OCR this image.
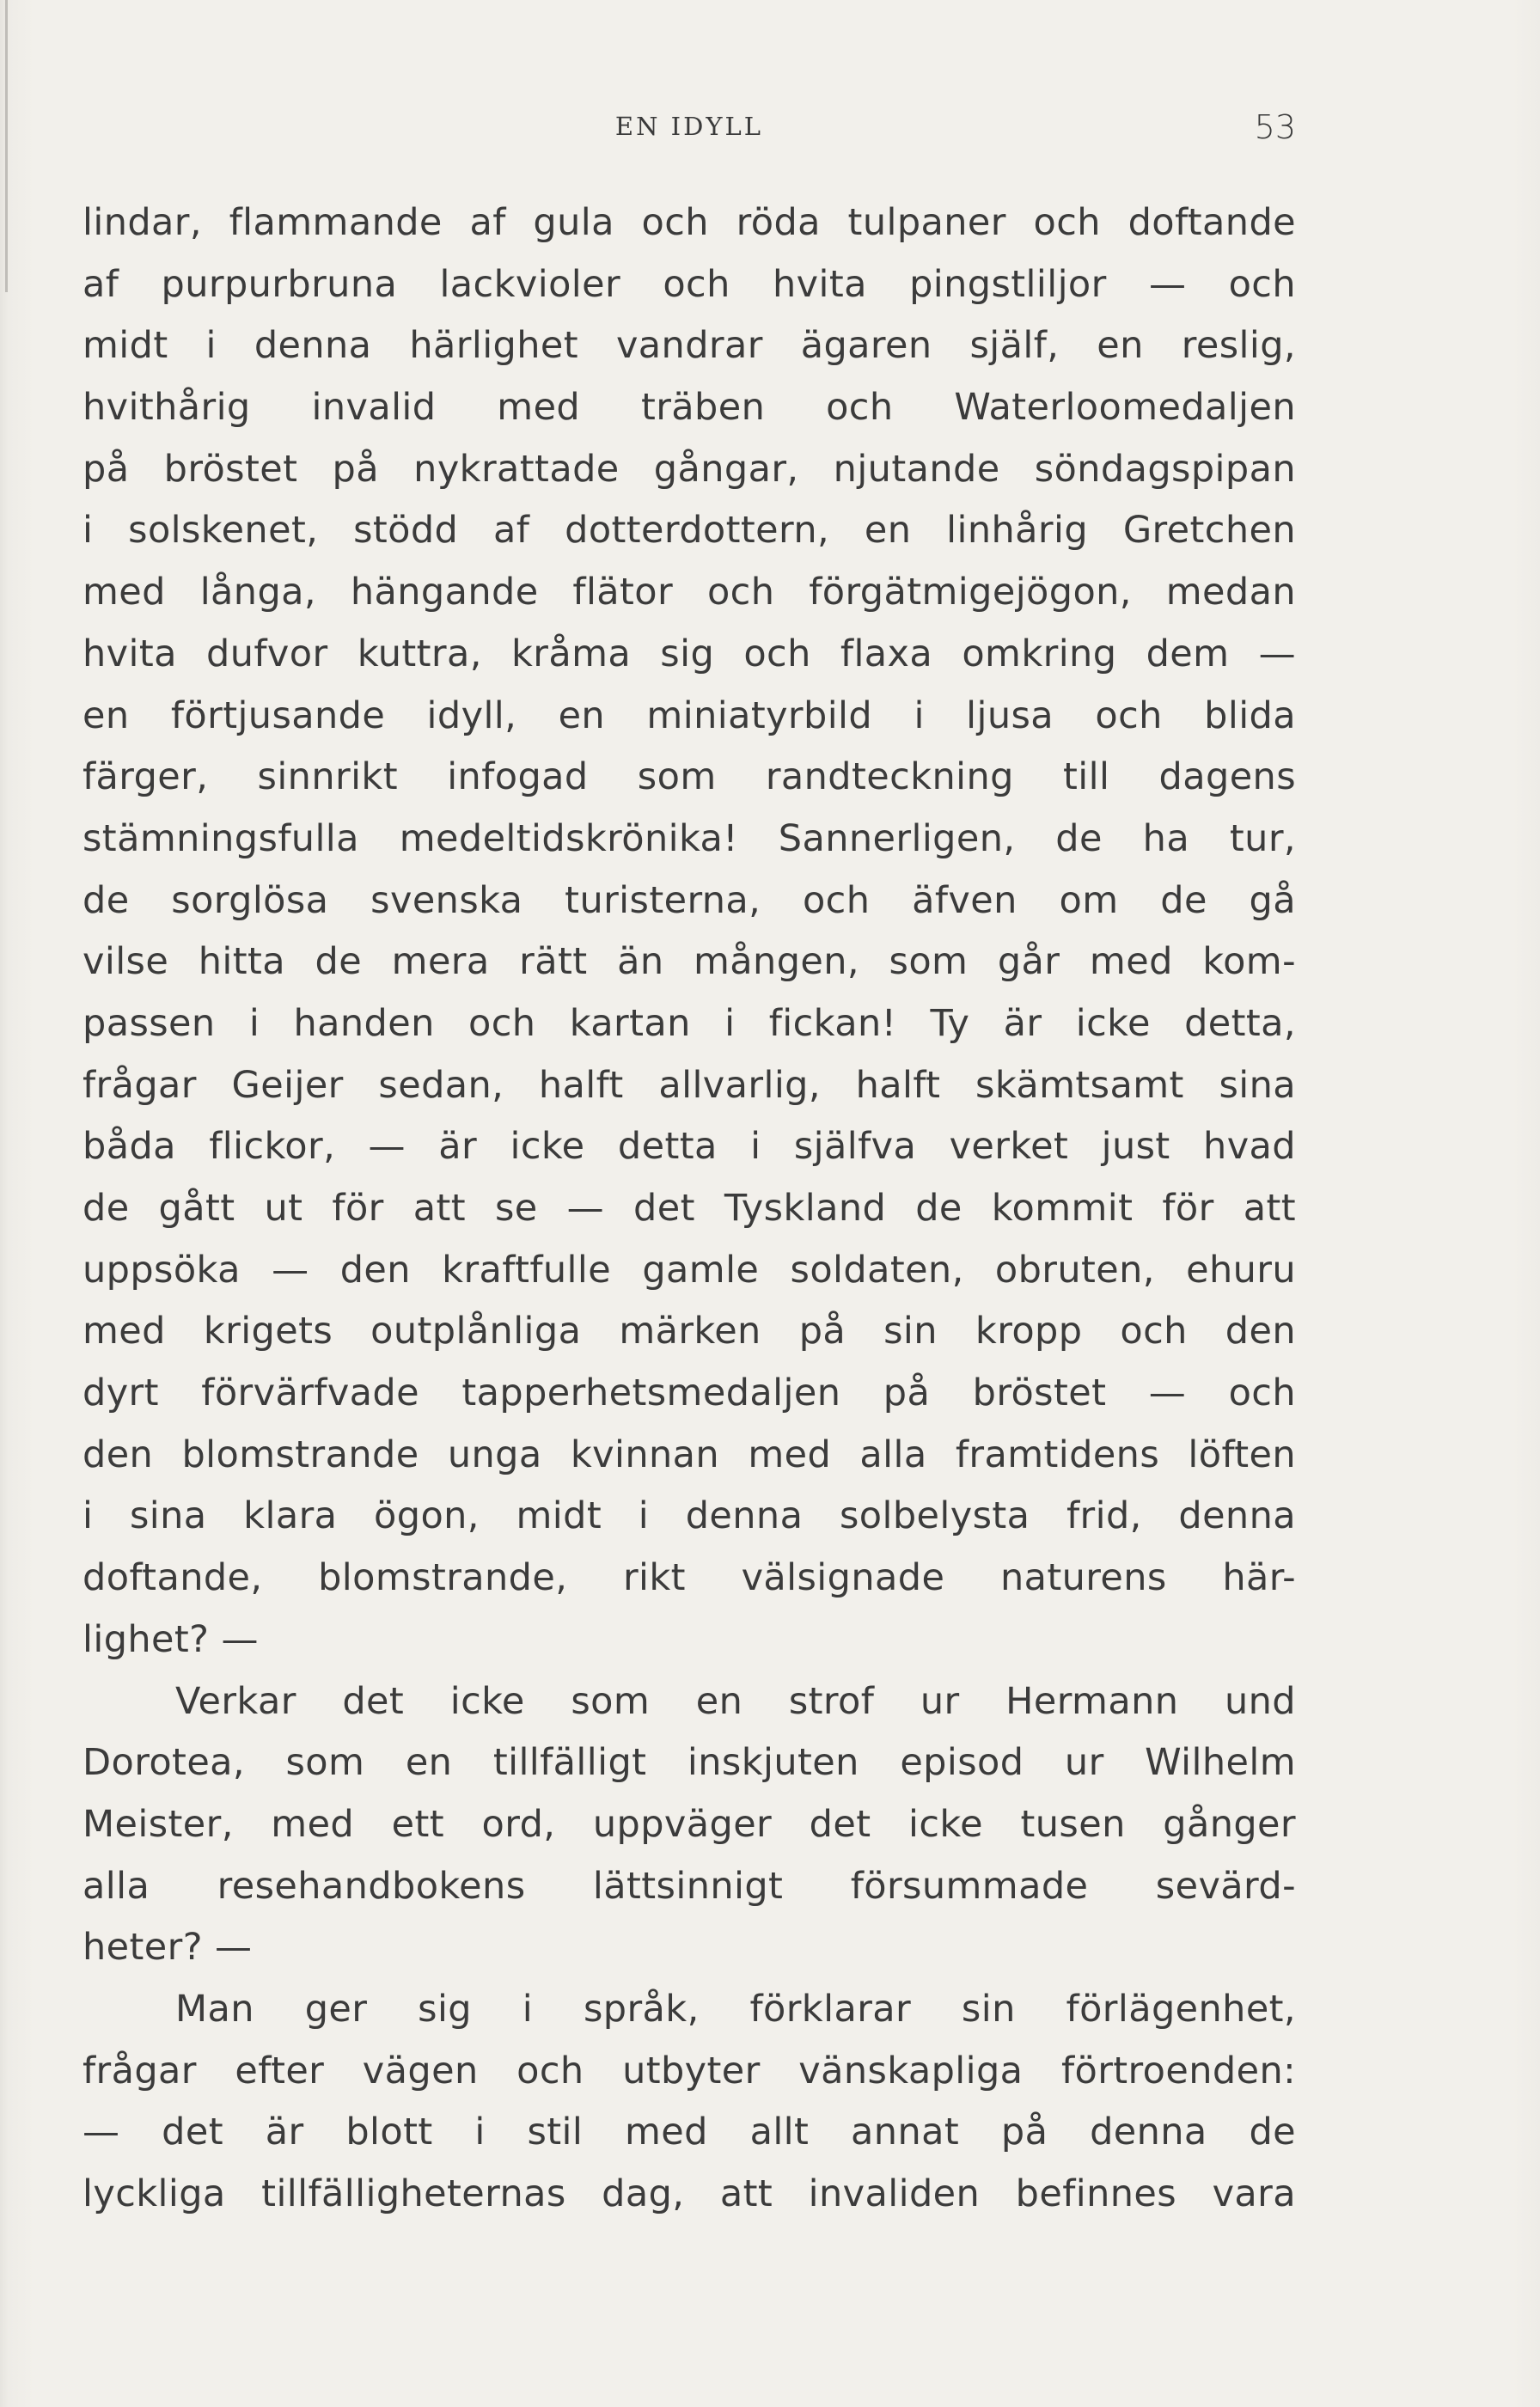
EN IDYLL	53
lindar, flammande af gula och röda tulpaner och doftande
af purpurbruna lackvioler och hvita pingstliljor — och
midt i denna härlighet vandrar ägaren själf, en reslig,
hvithårig invalid med träben och Waterloomedaljen
på bröstet på nykrattade gångar, njutande söndagspipan
i solskenet, stödd af dotterdottern, en linhårig Gretchen
med långa, hängande flätor och förgätmigejögon, medan
hvita dufvor kuttra, kråma sig och flaxa omkring dem —
en förtjusande idyll, en miniatyrbild i ljusa och blida
färger, sinnrikt infogad som randteckning till dagens
stämningsfulla medeltidskrönika! Sannerligen, de ha tur,
de sorglösa svenska turisterna, och äfven om de gå
vilse hitta de mera rätt än mången, som går med kom-
passen i handen och kartan i fickan! Ty är icke detta,
frågar Geijer sedan, halft allvarlig, halft skämtsamt sina
båda flickor, — är icke detta i själfva verket just hvad
de gått ut för att se — det Tyskland de kommit för att
uppsöka — den kraftfulle gamle soldaten, obruten, ehuru
med krigets outplånliga märken på sin kropp och den
dyrt förvärfvade tapperhetsmedaljen på bröstet — och
den blomstrande unga kvinnan med alla framtidens löften
i sina klara ögon, midt i denna solbelysta frid, denna
doftande, blomstrande, rikt välsignade naturens här-
lighet? —
Verkar det icke som en strof ur Hermann und
Dorotea, som en tillfälligt inskjuten episod ur Wilhelm
Meister, med ett ord, uppväger det icke tusen gånger
alla resehandbokens lättsinnigt försummade sevärd-
heter? —
Man ger sig i språk, förklarar sin förlägenhet,
frågar efter vägen och utbyter vänskapliga förtroenden:
— det är blott i stil med allt annat på denna de
lyckliga tillfälligheternas dag, att invaliden befinnes vara
